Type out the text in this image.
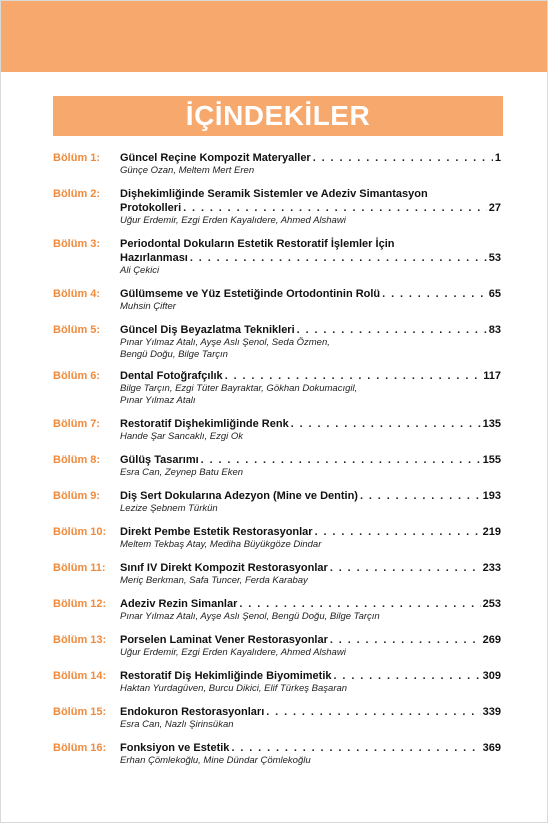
İÇİNDEKİLER
Bölüm 1:	Güncel Reçine Kompozit Materyaller . . .	1
Günçe Ozan, Meltem Mert Eren
Bölüm 2:	Dişhekimliğinde Seramik Sistemler ve Adeziv Simantasyon
Protokolleri . . .	27
Uğur Erdemir, Ezgi Erden Kayalıdere, Ahmed Alshawi
Bölüm 3:	Periodontal Dokuların Estetik Restoratif İşlemler İçin
Hazırlanması . . .	53
Ali Çekici
Bölüm 4:	Gülümseme ve Yüz Estetiğinde Ortodontinin Rolü . . .	65
Muhsin Çifter
Bölüm 5:	Güncel Diş Beyazlatma Teknikleri . . .	83
Pınar Yılmaz Atalı, Ayşe Aslı Şenol, Seda Özmen,
Bengü Doğu, Bilge Tarçın
Bölüm 6:	Dental Fotoğrafçılık . . .	117
Bilge Tarçın, Ezgi Tüter Bayraktar, Gökhan Dokumacıgil,
Pınar Yılmaz Atalı
Bölüm 7:	Restoratif Dişhekimliğinde Renk . . .	135
Hande Şar Sancaklı, Ezgi Ok
Bölüm 8:	Gülüş Tasarımı . . .	155
Esra Can, Zeynep Batu Eken
Bölüm 9:	Diş Sert Dokularına Adezyon (Mine ve Dentin) . . .	193
Lezize Şebnem Türkün
Bölüm 10:	Direkt Pembe Estetik Restorasyonlar . . .	219
Meltem Tekbaş Atay, Mediha Büyükgöze Dindar
Bölüm 11:	Sınıf IV Direkt Kompozit Restorasyonlar . . .	233
Meriç Berkman, Safa Tuncer, Ferda Karabay
Bölüm 12:	Adeziv Rezin Simanlar . . .	253
Pınar Yılmaz Atalı, Ayşe Aslı Şenol, Bengü Doğu, Bilge Tarçın
Bölüm 13:	Porselen Laminat Vener Restorasyonlar . . .	269
Uğur Erdemir, Ezgi Erden Kayalıdere, Ahmed Alshawi
Bölüm 14:	Restoratif Diş Hekimliğinde Biyomimetik . . .	309
Haktan Yurdagüven, Burcu Dikici, Elif Türkeş Başaran
Bölüm 15:	Endokuron Restorasyonları . . .	339
Esra Can, Nazlı Şirinsükan
Bölüm 16:	Fonksiyon ve Estetik . . .	369
Erhan Çömlekoğlu, Mine Dündar Çömlekoğlu
